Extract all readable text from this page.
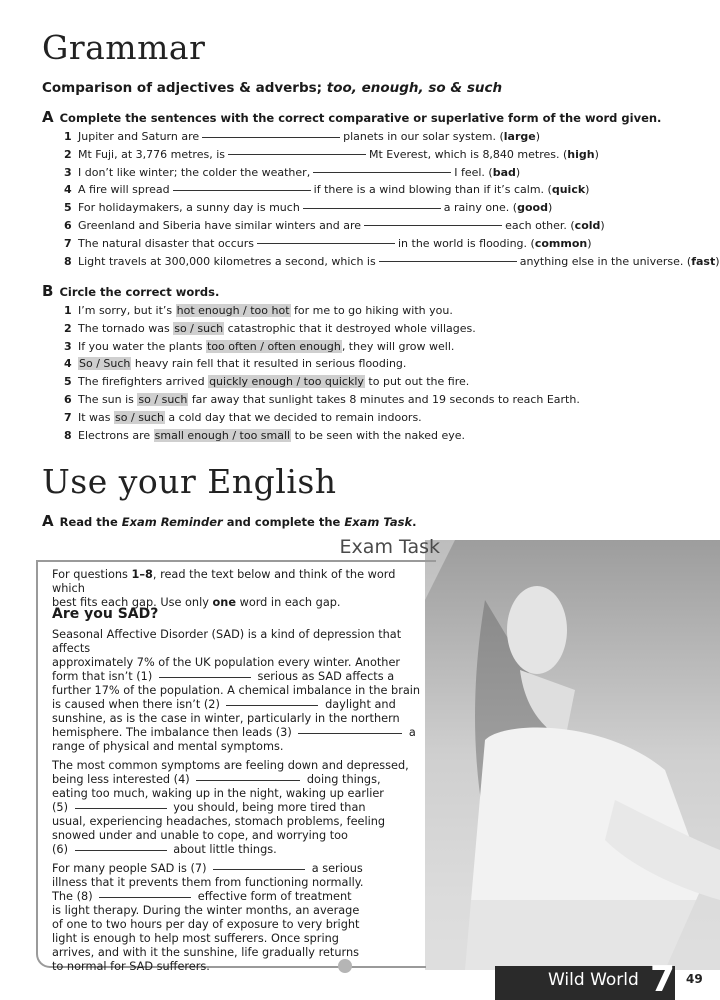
Grammar
Comparison of adjectives & adverbs; too, enough, so & such
A Complete the sentences with the correct comparative or superlative form of the word given.
1 Jupiter and Saturn are	planets in our solar system. (large)
2 Mt Fuji, at 3,776 metres, is	Mt Everest, which is 8,840 metres. (high)
3 I don’t like winter; the colder the weather,	I feel. (bad)
4 A fire will spread	if there is a wind blowing than if it’s calm. (quick)
5 For holidaymakers, a sunny day is much	a rainy one. (good)
6 Greenland and Siberia have similar winters and are	each other. (cold)
7 The natural disaster that occurs	in the world is flooding. (common)
8 Light travels at 300,000 kilometres a second, which is	anything else in the universe. (fast)
B Circle the correct words.
1 I’m sorry, but it’s hot enough / too hot for me to go hiking with you.
2 The tornado was so / such catastrophic that it destroyed whole villages.
3 If you water the plants too often / often enough, they will grow well.
4 So / Such heavy rain fell that it resulted in serious flooding.
5 The firefighters arrived quickly enough / too quickly to put out the fire.
6 The sun is so / such far away that sunlight takes 8 minutes and 19 seconds to reach Earth.
7 It was so / such a cold day that we decided to remain indoors.
8 Electrons are small enough / too small to be seen with the naked eye.
Use your English
A Read the Exam Reminder and complete the Exam Task.
Exam Task
For questions 1–8, read the text below and think of the word which
best fits each gap. Use only one word in each gap.
Are you SAD?
Seasonal Affective Disorder (SAD) is a kind of depression that affects
approximately 7% of the UK population every winter. Another
form that isn’t (1)	serious as SAD affects a
further 17% of the population. A chemical imbalance in the brain
is caused when there isn’t (2)	daylight and
sunshine, as is the case in winter, particularly in the northern
hemisphere. The imbalance then leads (3)	a
range of physical and mental symptoms.
The most common symptoms are feeling down and depressed,
being less interested (4)	doing things,
eating too much, waking up in the night, waking up earlier
(5)	you should, being more tired than
usual, experiencing headaches, stomach problems, feeling
snowed under and unable to cope, and worrying too
(6)	about little things.
For many people SAD is (7)	a serious
illness that it prevents them from functioning normally.
The (8)	effective form of treatment
is light therapy. During the winter months, an average
of one to two hours per day of exposure to very bright
light is enough to help most sufferers. Once spring
arrives, and with it the sunshine, life gradually returns
to normal for SAD sufferers.
Wild World 7 49
